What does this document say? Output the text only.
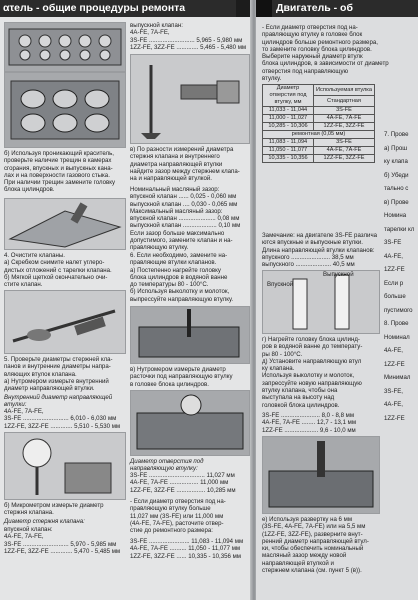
ατель - общие процедуры ремонта

б) Используя проникающий краситель,

проверьте наличие трещин в камерах

сгорания, впускных и выпускных кана-

лах и на поверхности газового стыка.

При наличии трещин замените головку

блока цилиндров.

4. Очистите клапаны.

а) Скребком снимите налет углеро-

дистых отложений с тарелки клапана.

б) Мягкой щеткой окончательно очи-

стите клапан.

5. Проверьте диаметры стержней кла-

панов и внутренние диаметры напра-

вляющих втулок клапана.

а) Нутромером измерьте внутренний

диаметр направляющей втулки.

Внутренний диаметр направляющей втулки:

4A-FE, 7A-FE,

3S-FE ........................... 6,010 - 6,030 мм

1ZZ-FE, 3ZZ-FE ............. 5,510 - 5,530 мм

б) Микрометром измерьте диаметр

стержня клапана.

Диаметр стержня клапана:

впускной клапан:

4A-FE, 7A-FE,

3S-FE ........................... 5,970 - 5,985 мм

1ZZ-FE, 3ZZ-FE ............. 5,470 - 5,485 мм

выпускной клапан:

4A-FE, 7A-FE,

3S-FE ........................... 5,965 - 5,980 мм

1ZZ-FE, 3ZZ-FE ............. 5,465 - 5,480 мм

в) По разности измерений диаметра

стержня клапана и внутреннего

диаметра направляющей втулки

найдите зазор между стержнем клапа-

на и направляющей втулкой.

Номинальный масляный зазор:

впускной клапан ...... 0,025 - 0,060 мм

выпускной клапан .... 0,030 - 0,065 мм

Максимальный масляный зазор:

впускной клапан ...................... 0,08 мм

выпускной клапан .................... 0,10 мм

Если зазор больше максимально

допустимого, замените клапан и на-

правляющую втулку.

6. Если необходимо, замените на-

правляющие втулки клапанов.

а) Постепенно нагрейте головку

блока цилиндров в водяной ванне

до температуры 80 - 100°С.

б) Используя выколотку и молоток,

выпрессуйте направляющую втулку.

в) Нутромером измерьте диаметр

расточки под направляющую втулку

в головке блока цилиндров.

Диаметр отверстия под направляющую втулку:

3S-FE ................................. 11,027 мм

4A-FE, 7A-FE ................. 11,000 мм

1ZZ-FE, 3ZZ-FE ................. 10,285 мм

- Если диаметр отверстия под на-

правляющую втулку больше

11,027 мм (3S-FE) или 11,000 мм

(4A-FE, 7A-FE), расточите отвер-

стие до ремонтного размера:

3S-FE ........................ 11,083 - 11,094 мм

4A-FE, 7A-FE .......... 11,050 - 11,077 мм

1ZZ-FE, 3ZZ-FE ...... 10,335 - 10,356 мм

Двигатель - об

- Если диаметр отверстия под на-

правляющую втулку в головке блок

цилиндров больше ремонтного размера,

то замените головку блока цилиндров.

Выберите наружный диаметр втулк

блока цилиндров, в зависимости от диаметр

отверстия под направляющую

втулку.

Диаметр отверстия под втулку, мм	Используемая втулка
	Стандартная
11,033 - 11,044	3S-FE
11,000 - 11,027	4A-FE, 7A-FE
10,285 - 10,306	1ZZ-FE, 3ZZ-FE
ремонтная (0,05 мм)	
11,083 - 11,094	3S-FE
11,050 - 11,077	4A-FE, 7A-FE
10,335 - 10,356	1ZZ-FE, 3ZZ-FE

Замечание: на двигателе 3S-FE различа

ются впускные и выпускные втулки.

Длина направляющей втулки клапанов:

впускного ....................... 38,5 мм

выпускного ..................... 40,5 мм

Впускной
Выпускной

г) Нагрейте головку блока цилинд-

ров в водяной ванне до температу-

ры 80 - 100°С.

д) Установите направляющую втул

ку клапана.

Используя выколотку и молоток,

запрессуйте новую направляющую

втулку клапана, чтобы она

выступала на высоту над

головкой блока цилиндров.

3S-FE ....................... 8,0 - 8,8 мм

4A-FE, 7A-FE ........ 12,7 - 13,1 мм

1ZZ-FE .................... 9,6 - 10,0 мм

е) Используя развертку на 6 мм

(3S-FE, 4A-FE, 7A-FE) или на 5,5 мм

(1ZZ-FE, 3ZZ-FE), разверните внут-

ренний диаметр направляющей втул-

ки, чтобы обеспечить номинальный

масляный зазор между новой

направляющей втулкой и

стержнем клапана (см. пункт 5 (в)).

7. Прове

а) Прош

ку клапа

б) Убеди

тально с

в) Прове

Номина

тарелки кл

3S-FE

4A-FE,

1ZZ-FE

Если р

больше

пустимого

8. Прове

Номинал

4A-FE,

1ZZ-FE

Минимал

3S-FE,

4A-FE,

1ZZ-FE
